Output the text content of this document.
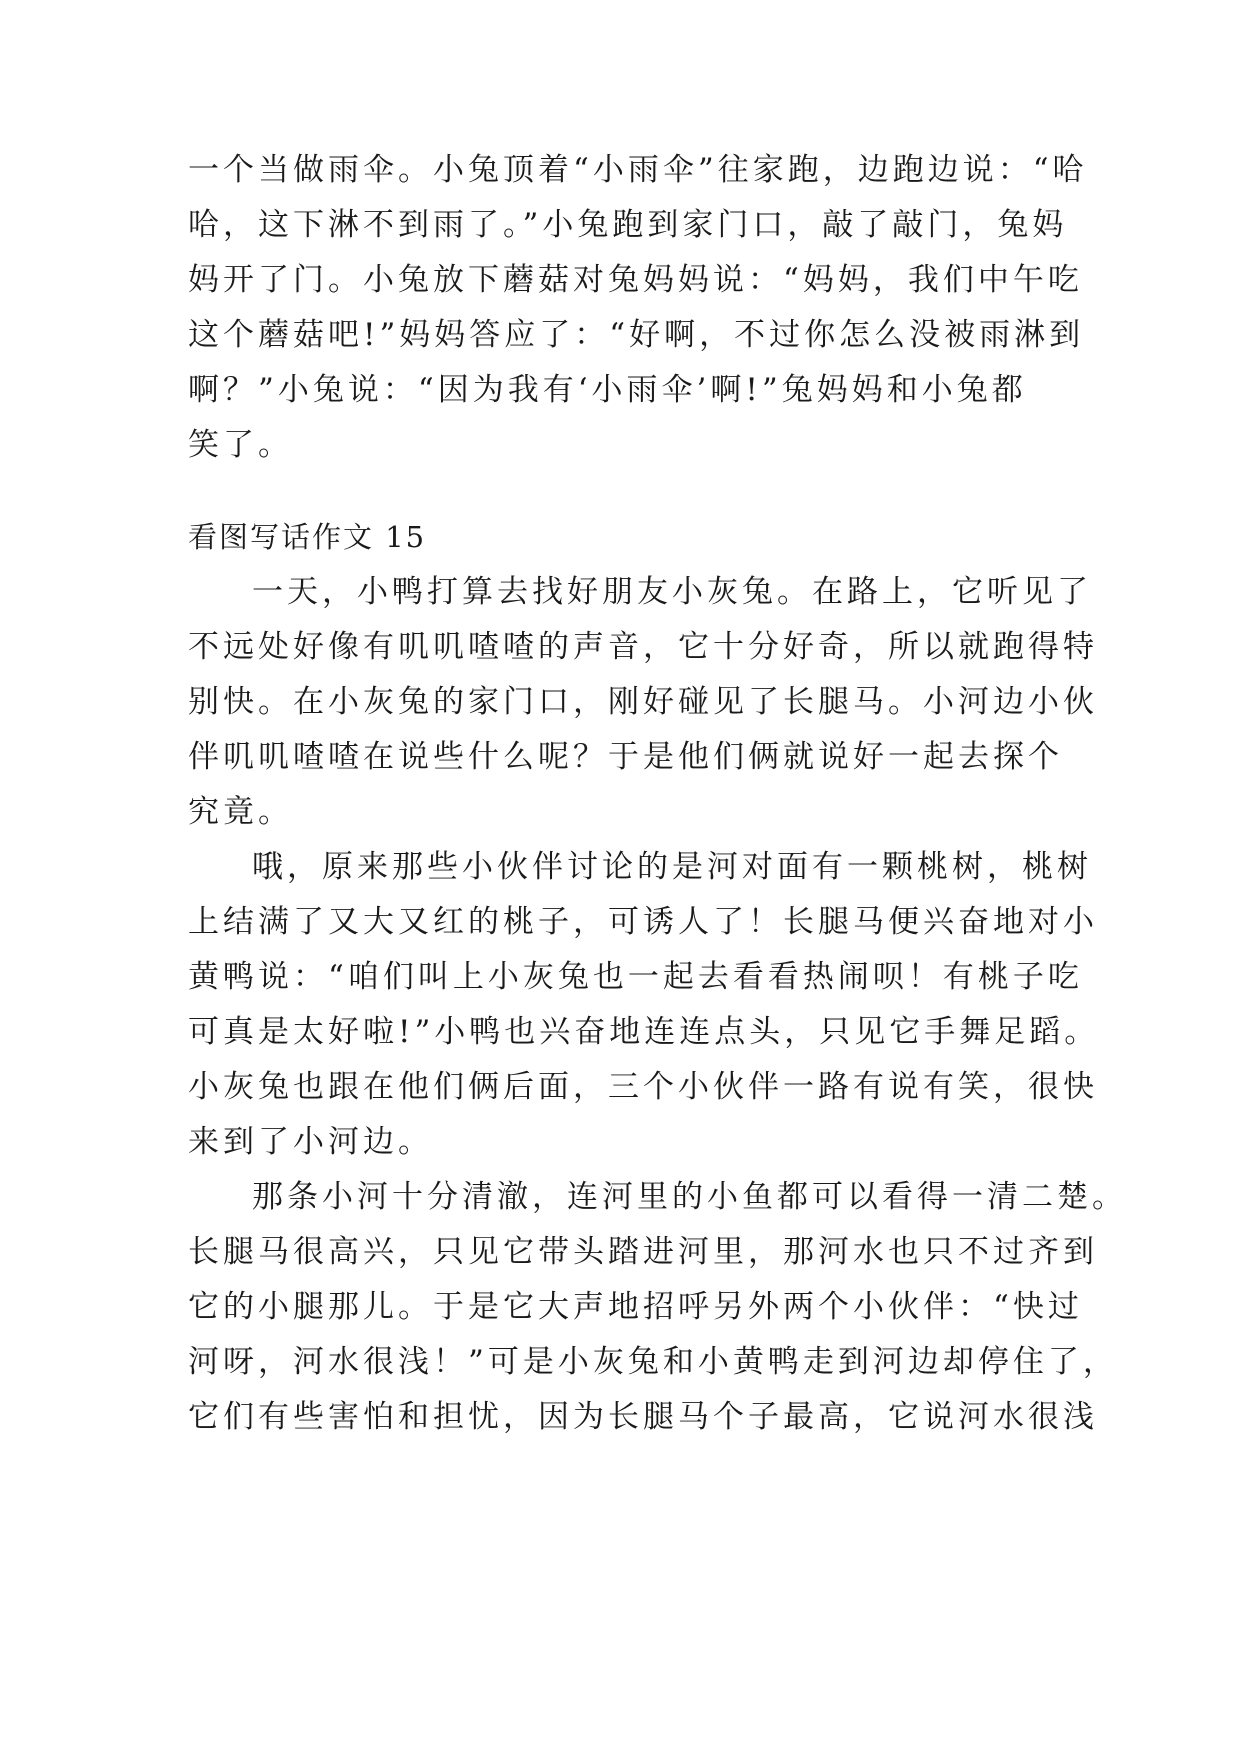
一个当做雨伞。小兔顶着“小雨伞”往家跑，边跑边说：“哈
哈，这下淋不到雨了。”小兔跑到家门口，敲了敲门，兔妈
妈开了门。小兔放下蘑菇对兔妈妈说：“妈妈，我们中午吃
这个蘑菇吧!”妈妈答应了：“好啊，不过你怎么没被雨淋到
啊？”小兔说：“因为我有‘小雨伞’啊!”兔妈妈和小兔都
笑了。
看图写话作文 15
一天，小鸭打算去找好朋友小灰兔。在路上，它听见了
不远处好像有叽叽喳喳的声音，它十分好奇，所以就跑得特
别快。在小灰兔的家门口，刚好碰见了长腿马。小河边小伙
伴叽叽喳喳在说些什么呢？于是他们俩就说好一起去探个
究竟。
哦，原来那些小伙伴讨论的是河对面有一颗桃树，桃树
上结满了又大又红的桃子，可诱人了！长腿马便兴奋地对小
黄鸭说：“咱们叫上小灰兔也一起去看看热闹呗！有桃子吃
可真是太好啦!”小鸭也兴奋地连连点头，只见它手舞足蹈。
小灰兔也跟在他们俩后面，三个小伙伴一路有说有笑，很快
来到了小河边。
那条小河十分清澈，连河里的小鱼都可以看得一清二楚。
长腿马很高兴，只见它带头踏进河里，那河水也只不过齐到
它的小腿那儿。于是它大声地招呼另外两个小伙伴：“快过
河呀，河水很浅！”可是小灰兔和小黄鸭走到河边却停住了，
它们有些害怕和担忧，因为长腿马个子最高，它说河水很浅
